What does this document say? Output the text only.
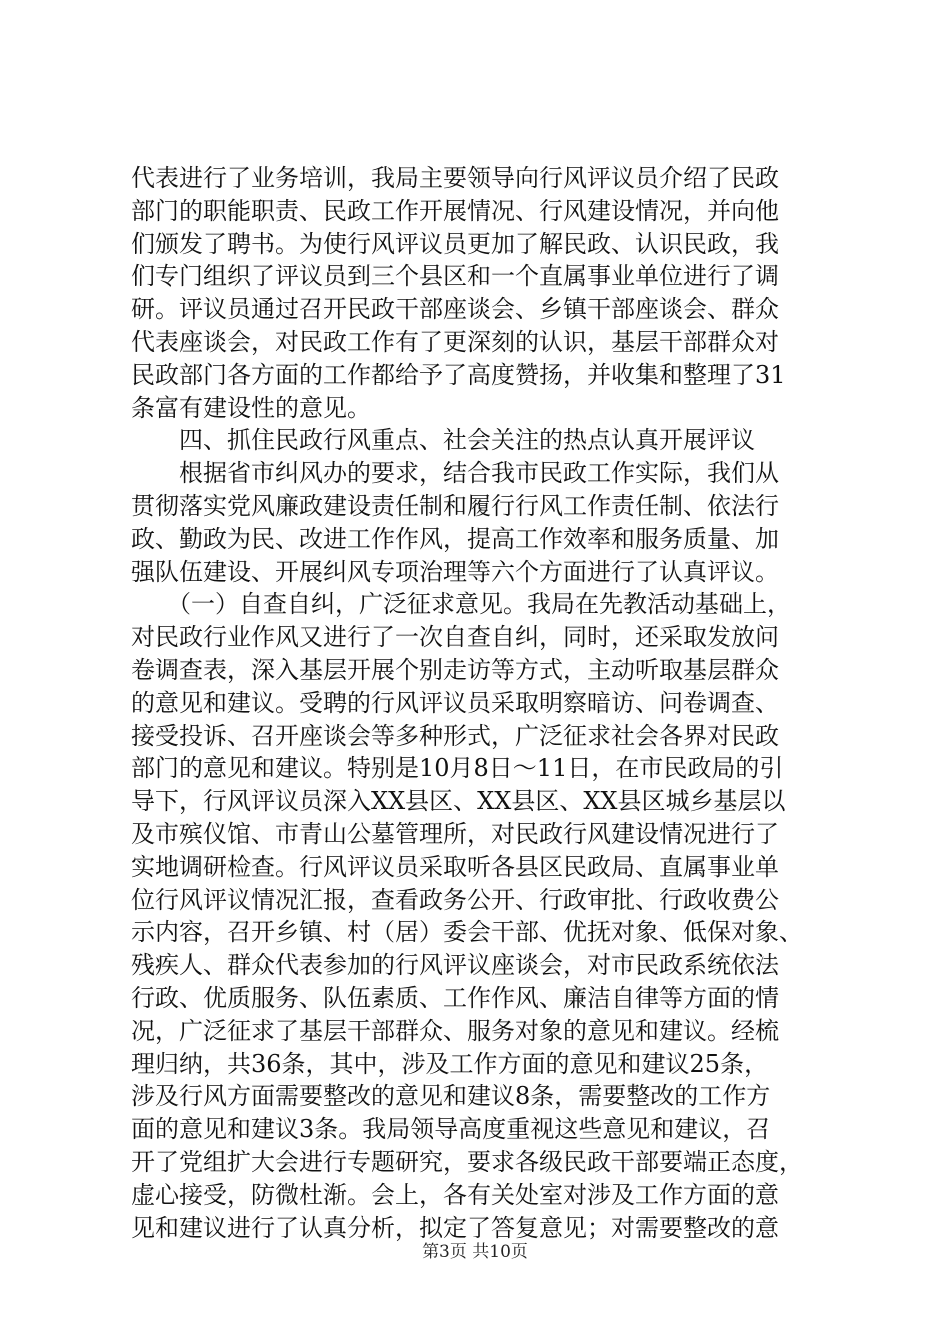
代表进行了业务培训，我局主要领导向行风评议员介绍了民政
部门的职能职责、民政工作开展情况、行风建设情况，并向他
们颁发了聘书。为使行风评议员更加了解民政、认识民政，我
们专门组织了评议员到三个县区和一个直属事业单位进行了调
研。评议员通过召开民政干部座谈会、乡镇干部座谈会、群众
代表座谈会，对民政工作有了更深刻的认识，基层干部群众对
民政部门各方面的工作都给予了高度赞扬，并收集和整理了31
条富有建设性的意见。
　　四、抓住民政行风重点、社会关注的热点认真开展评议
　　根据省市纠风办的要求，结合我市民政工作实际，我们从
贯彻落实党风廉政建设责任制和履行行风工作责任制、依法行
政、勤政为民、改进工作作风，提高工作效率和服务质量、加
强队伍建设、开展纠风专项治理等六个方面进行了认真评议。
　　（一）自查自纠，广泛征求意见。我局在先教活动基础上，
对民政行业作风又进行了一次自查自纠，同时，还采取发放问
卷调查表，深入基层开展个别走访等方式，主动听取基层群众
的意见和建议。受聘的行风评议员采取明察暗访、问卷调查、
接受投诉、召开座谈会等多种形式，广泛征求社会各界对民政
部门的意见和建议。特别是10月8日～11日，在市民政局的引
导下，行风评议员深入XX县区、XX县区、XX县区城乡基层以
及市殡仪馆、市青山公墓管理所，对民政行风建设情况进行了
实地调研检查。行风评议员采取听各县区民政局、直属事业单
位行风评议情况汇报，查看政务公开、行政审批、行政收费公
示内容，召开乡镇、村（居）委会干部、优抚对象、低保对象、
残疾人、群众代表参加的行风评议座谈会，对市民政系统依法
行政、优质服务、队伍素质、工作作风、廉洁自律等方面的情
况，广泛征求了基层干部群众、服务对象的意见和建议。经梳
理归纳，共36条，其中，涉及工作方面的意见和建议25条，
涉及行风方面需要整改的意见和建议8条，需要整改的工作方
面的意见和建议3条。我局领导高度重视这些意见和建议，召
开了党组扩大会进行专题研究，要求各级民政干部要端正态度，
虚心接受，防微杜渐。会上，各有关处室对涉及工作方面的意
见和建议进行了认真分析，拟定了答复意见；对需要整改的意
第3页 共10页
